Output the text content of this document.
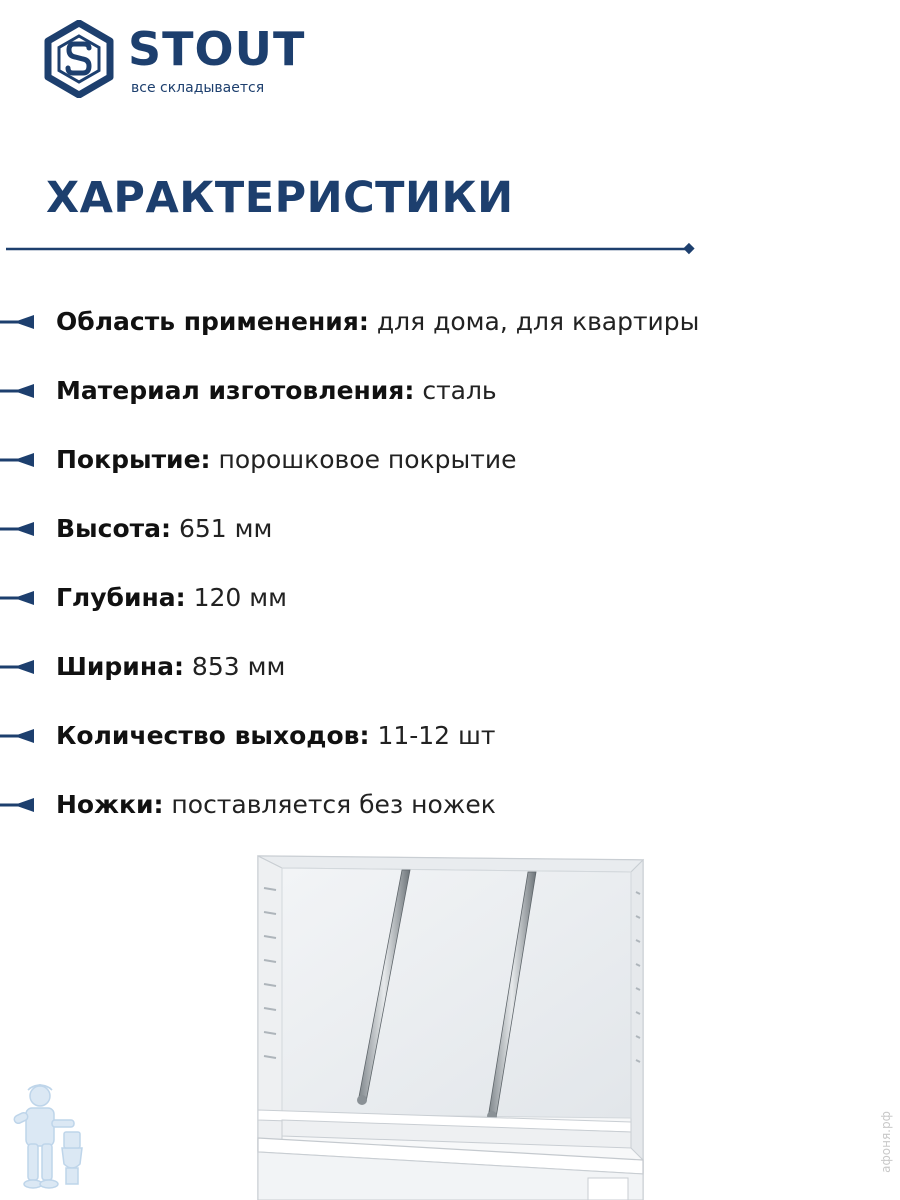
STOUT
все складывается
ХАРАКТЕРИСТИКИ
Область применения: для дома, для квартиры
Материал изготовления: сталь
Покрытие: порошковое покрытие
Высота: 651 мм
Глубина: 120 мм
Ширина: 853 мм
Количество выходов: 11-12 шт
Ножки: поставляется без ножек
афоня.рф
